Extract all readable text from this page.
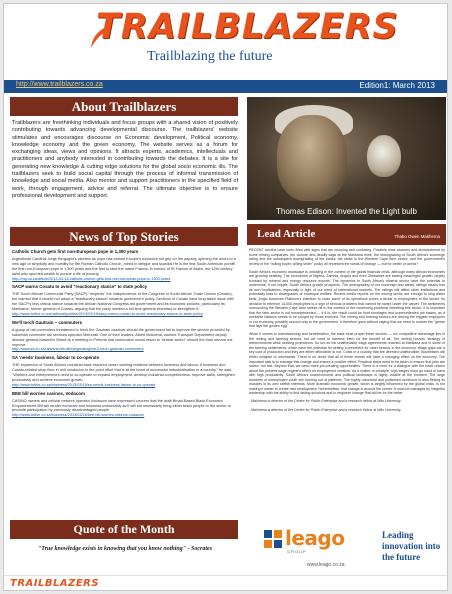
TRAILBLAZERS
Trailblazing the future
http://www.trailblazers.co.za	Edition1: March 2013
About Trailblazers
Trailblazers are freethinking individuals and focus groups with a shared vision of positively contributing towards advancing developmental discourse. The trailblazers' website stimulates and encourages discourse on Economic development, Political economy, knowledge economy and the green economy. The website serves as a forum for exchanging ideas, views and opinions. It attracts experts, academics, intellectuals and practitioners and anybody interested in contributing towards the debates. It is a site for generating new knowledge & cutting edge solutions for the global socio economic ills. The trailblazers seek to build social capital through the process of informal transmission of knowledge and social media. Also mentor and support practitioners in the specified field of work, through engagement, advice and referral. The ultimate objective is to ensure professional development and support.
Thomas Edison: Invented the Light bulb
News of Top Stories
Catholic Church gets first non-European pope in 1,300 years
Argentinian Cardinal Jorge Bergoglio's election as pope has broken Europe's exclusive old grip on the papacy, opening the doors to a new age of simplicity and humility for the Roman Catholic Church, mired in intrigue and scandal.He is the first South American pontiff, the first non-European pope in 1,300 years and the first to take the name Francis, in honour of St Francis of Assisi, the 12th-century saint who spurned wealth to pursue a life of poverty.
http://mg.co.za/article/2013-03-14-catholic-church-gets-first-non-european-pope-in-1300-years
SACP warns Cosatu to avoid "reactionary stance" to state policy
THE South African Communist Party (SACP) "respects" the independence of the Congress of South African Trade Unions (Cosatu), but warned that it should not adopt a "reactionary stance" towards government policy. Sections of Cosatu have long taken issue with the SACP's less critical stance towards the African National Congress-led government and its economic policies, particularly its Mantashe, former general of Cosatu, arguing that the party needed a full time general secretary to strengthen it.
http://www.bdlive.co.za/national/politics/2013/03/18/sacp-warns-cosatu-to-avoid-reactionary-stance-to-state-policy
We'll torch Gautrain – commuters
A group of rail commuters threatened to torch the Gautrain coaches should the government fail to improve the service provided by suburban commuter rail services operator Metrorail. One of their leaders, Albert Mokoena, warned Transport Department deputy director general Mawethu Vilana at a meeting in Pretoria that commuters would resort to "drastic action" should the train service not improve.
http://www.iol.co.za/news/south-africa/gauteng/we-ll-torch-gautrain-commuters
SA 'needs' business, labour to co-operate
THE expansion of South Africa's industrial base required closer working relations between business and labour. A business and Cosatu-related shop floor in unit conducive to the point effort that is at the heart of successful industrialisation in a country," he said. "Workers and entrepreneurs need to co-operate to expand employment, develop industrial competiveness, improve skills, strengthen productivity and achieve economic growth.
http://www.bdlive.co.za/business/2013/03/18/sa-needs-business-labour-to-co-operate
BEE bill worries casinos, Vodacom
CASINO owners and cellular network operator Vodacom have expressed concern that the draft Broad-Based Black Economic Empowerment Bill will render exclusive and business unworkably as it will not necessarily bring either black people or the sector to promote participation by previously disadvantaged people.
http://www.bdlive.co.za/business/2013/03/18/bee-bill-worries-casinos-vodacom
Lead Article	Thabo Owen Makhema

RECENT months have been filled with signs that are worrying and confusing. Possible mine closures and disinvestment by some mining companies, the closure and deadly saga at the Marikana mine, the downgrading of South Africa's sovereign rating and the subsequent downgrading of the banks; the strike in the Western Cape farm sector, and the government's review of the "willing buyer, willing seller" policy all represent the winds of change — but for better or worse?

South Africa's economic landscape is unfolding in the context of the global financial crisis, although many African economies are growing healthily. The economies of Nigeria, Zambia, Angola and even Zimbabwe are seeing meaningful growth, largely boosted by mineral and energy resource exports. The dynamics in South Africa's mineral sector have the potential to undermine, if not cripple, South Africa's growth prospects. The downgrading of our sovereign and banks' ratings clearly has its own implications, especially in light of our need of international markets. The ratings will affect other institutions and potentially lead to downgrades of municipal entities. Recent media reports on the mining sector are enough to sing alarm bells. Anglo American Platinum's intention to close some of its operations poses a threat to employment in the sector. Its decision to retrench 14,000 employees is a sign of serious problems that cannot be swept under the carpet. The sentiments surrounding the Western Cape farm strikes hit in the context of the continuing problems besetting this sector. It is important that the farm sector is not misrepresented — if it is, the result could be food shortages and unprecedented job losses, as a workable balance needs to be sought by those involved. The mining and farming sectors are among the biggest employers in our economy, possibly second only to the government. It therefore goes without saying that we need to nurture the "geese that lays the golden egg".

When it comes to manufacturing and beneficiation, the state must propel these sectors — our competitive advantage lies in the mining and farming sectors, but we need to harness them for the benefit of all. The mining houses' strategy of retrenchments while seeking promotions. So too do the unaffordable wage agreements reached at Marikana and in some of the farming settlements, which have the potential for setting a precedent for other sectors in the economy. Wage gaps are a key cost of production and they are either affordable or not. Costs in a country that are deemed unaffordable, businesses will either collapse or mechanise. There is no doubt that all of these events will have a changing effect on the economy. The important task is to manage this change and ensure a positive effect. Practical steps need to be taken to ensure that jobs are saved, not lost. Beyond that, we need more job-creating opportunities. There is a need for a dialogue with the trade unions about the present wage regime's effect on employment creation. As a matter of principle, high wages must go hand in hand with high productivity. South Africa's socioeconomic and political landscape is highly volatile at the moment. The large numbers of unemployed youth are running out of patience. The highly unionised and politicised workforce is also flexing its muscles in its own selfish interests. More dramatic economic growth, which is largely influenced by the global crisis, is not making it easier to create new employment. Nevertheless, that change is around the corner. It must be managed by insightful leadership with the ability to find lasting solutions and to engineer change that will be for the better.

- Makhema is director of the Centre for Public Enterprise and a research fellow at Wits University.

- Makhema is director of the Centre for Public Enterprise and a research fellow at Wits University.

Quote of the Month
"True knowledge exists in knowing that you know nothing" - Socrates	leago
GROUP
Leading innovation into the future
www.leago.co.za
TRAILBLAZERS
